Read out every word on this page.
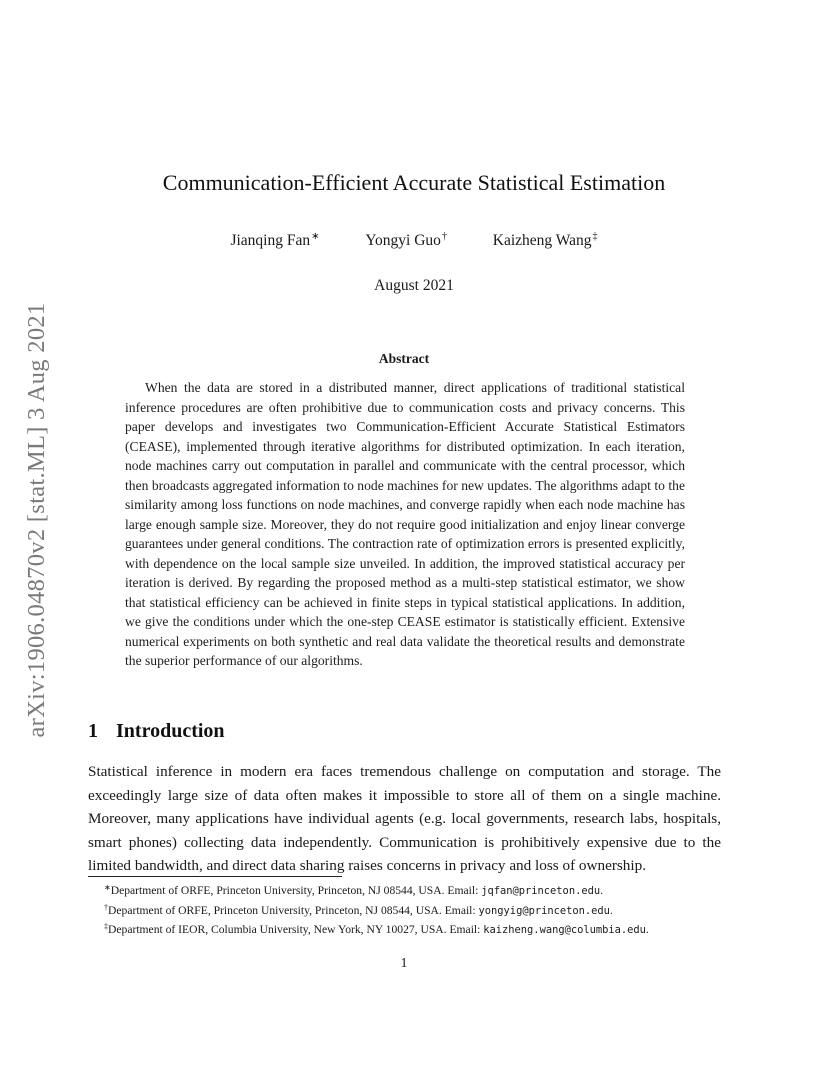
arXiv:1906.04870v2 [stat.ML] 3 Aug 2021
Communication-Efficient Accurate Statistical Estimation
Jianqing Fan∗	Yongyi Guo†	Kaizheng Wang‡
August 2021
Abstract

When the data are stored in a distributed manner, direct applications of traditional statistical inference procedures are often prohibitive due to communication costs and privacy concerns. This paper develops and investigates two Communication-Efficient Accurate Statistical Estimators (CEASE), implemented through iterative algorithms for distributed optimization. In each iteration, node machines carry out computation in parallel and communicate with the central processor, which then broadcasts aggregated information to node machines for new updates. The algorithms adapt to the similarity among loss functions on node machines, and converge rapidly when each node machine has large enough sample size. Moreover, they do not require good initialization and enjoy linear converge guarantees under general conditions. The contraction rate of optimization errors is presented explicitly, with dependence on the local sample size unveiled. In addition, the improved statistical accuracy per iteration is derived. By regarding the proposed method as a multi-step statistical estimator, we show that statistical efficiency can be achieved in finite steps in typical statistical applications. In addition, we give the conditions under which the one-step CEASE estimator is statistically efficient. Extensive numerical experiments on both synthetic and real data validate the theoretical results and demonstrate the superior performance of our algorithms.

1 Introduction

Statistical inference in modern era faces tremendous challenge on computation and storage. The exceedingly large size of data often makes it impossible to store all of them on a single machine. Moreover, many applications have individual agents (e.g. local governments, research labs, hospitals, smart phones) collecting data independently. Communication is prohibitively expensive due to the limited bandwidth, and direct data sharing raises concerns in privacy and loss of ownership.

∗Department of ORFE, Princeton University, Princeton, NJ 08544, USA. Email: jqfan@princeton.edu.
†Department of ORFE, Princeton University, Princeton, NJ 08544, USA. Email: yongyig@princeton.edu.
‡Department of IEOR, Columbia University, New York, NY 10027, USA. Email: kaizheng.wang@columbia.edu.
1
